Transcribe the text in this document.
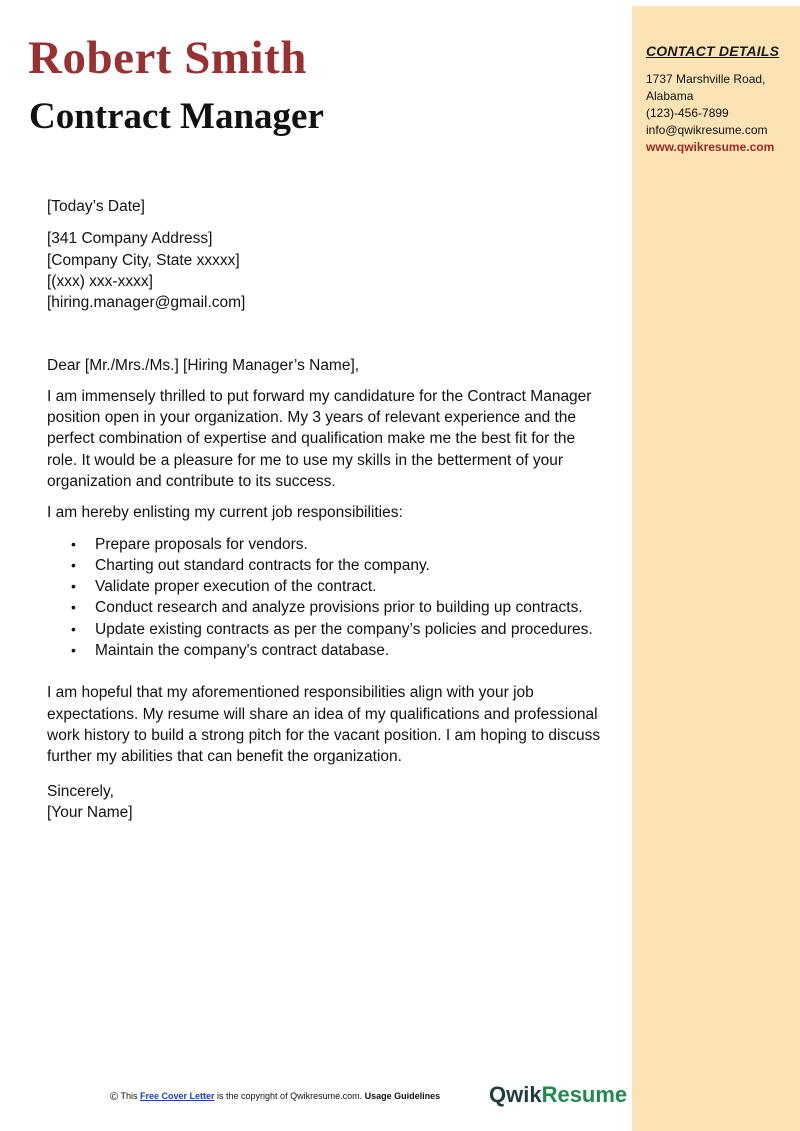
CONTACT DETAILS

1737 Marshville Road,
Alabama
(123)-456-7899
info@qwikresume.com
www.qwikresume.com
Robert Smith
Contract Manager

[Today’s Date]

[341 Company Address]

[Company City, State xxxxx]

[(xxx) xxx-xxxx]

[hiring.manager@gmail.com]

Dear [Mr./Mrs./Ms.] [Hiring Manager’s Name],

I am immensely thrilled to put forward my candidature for the Contract Manager position open in your organization. My 3 years of relevant experience and the perfect combination of expertise and qualification make me the best fit for the role. It would be a pleasure for me to use my skills in the betterment of your organization and contribute to its success.

I am hereby enlisting my current job responsibilities:

• Prepare proposals for vendors.
• Charting out standard contracts for the company.
• Validate proper execution of the contract.
• Conduct research and analyze provisions prior to building up contracts.
• Update existing contracts as per the company’s policies and procedures.
• Maintain the company's contract database.

I am hopeful that my aforementioned responsibilities align with your job expectations. My resume will share an idea of my qualifications and professional work history to build a strong pitch for the vacant position. I am hoping to discuss further my abilities that can benefit the organization.

Sincerely,

[Your Name]

© This Free Cover Letter is the copyright of Qwikresume.com. Usage Guidelines QwikResume
